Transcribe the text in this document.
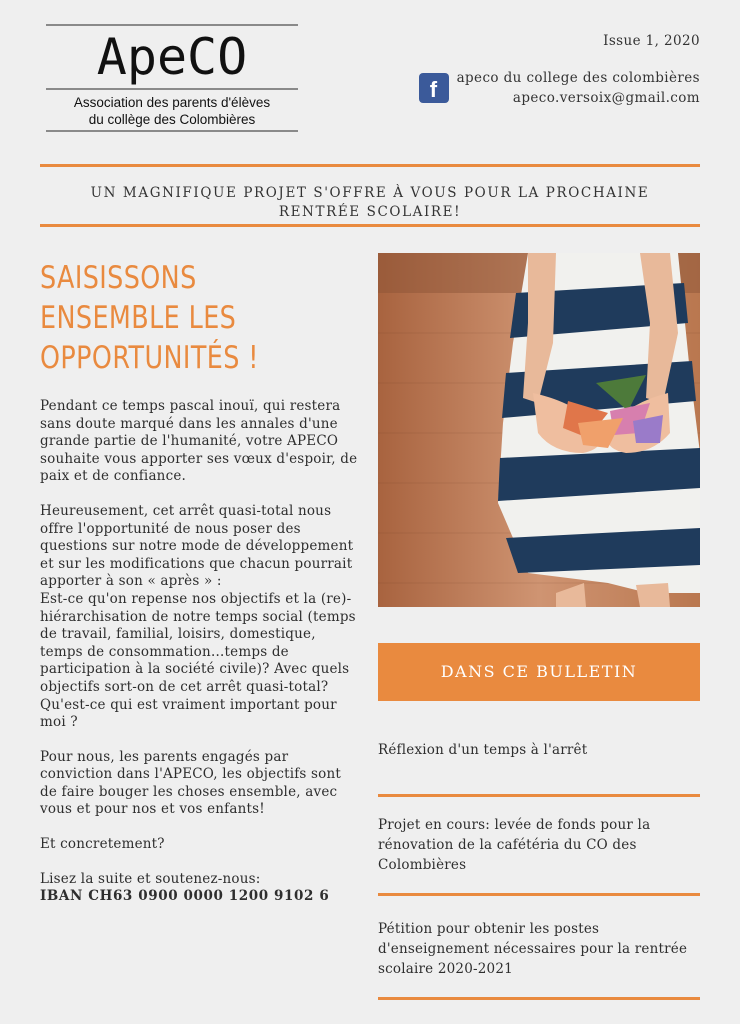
ApeCO
Association des parents d'élèves
du collège des Colombières
Issue 1, 2020
f	apeco du college des colombières
apeco.versoix@gmail.com
UN MAGNIFIQUE PROJET S'OFFRE À VOUS POUR LA PROCHAINE
RENTRÉE SCOLAIRE!
SAISISSONS
ENSEMBLE LES
OPPORTUNITÉS !

Pendant ce temps pascal inouï, qui restera sans doute marqué dans les annales d'une grande partie de l'humanité, votre APECO souhaite vous apporter ses vœux d'espoir, de paix et de confiance.

Heureusement, cet arrêt quasi-total nous offre l'opportunité de nous poser des questions sur notre mode de développement et sur les modifications que chacun pourrait apporter à son « après » :

Est-ce qu'on repense nos objectifs et la (re)-hiérarchisation de notre temps social (temps de travail, familial, loisirs, domestique, temps de consommation…temps de participation à la société civile)? Avec quels objectifs sort-on de cet arrêt quasi-total? Qu'est-ce qui est vraiment important pour moi ?

Pour nous, les parents engagés par conviction dans l'APECO, les objectifs sont de faire bouger les choses ensemble, avec vous et pour nos et vos enfants!

Et concretement?

Lisez la suite et soutenez-nous:

IBAN CH63 0900 0000 1200 9102 6
DANS CE BULLETIN
Réflexion d'un temps à l'arrêt
Projet en cours: levée de fonds pour la rénovation de la cafétéria du CO des Colombières
Pétition pour obtenir les postes d'enseignement nécessaires pour la rentrée scolaire 2020-2021
